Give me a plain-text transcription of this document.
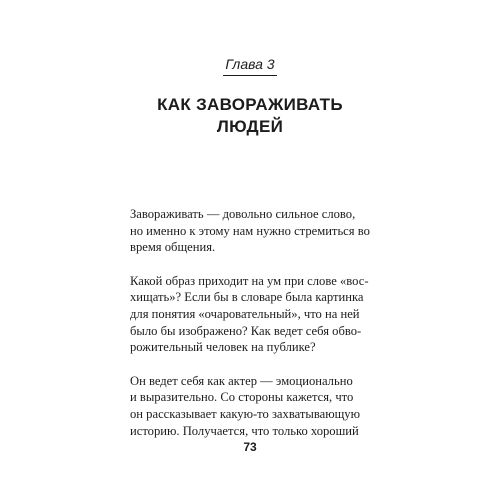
Глава 3
КАК ЗАВОРАЖИВАТЬ
ЛЮДЕЙ

Завораживать — довольно сильное слово,
но именно к этому нам нужно стремиться во
время общения.

Какой образ приходит на ум при слове «вос-
хищать»? Если бы в словаре была картинка
для понятия «очаровательный», что на ней
было бы изображено? Как ведет себя обво-
рожительный человек на публике?

Он ведет себя как актер — эмоционально
и выразительно. Со стороны кажется, что
он рассказывает какую-то захватывающую
историю. Получается, что только хороший

73
